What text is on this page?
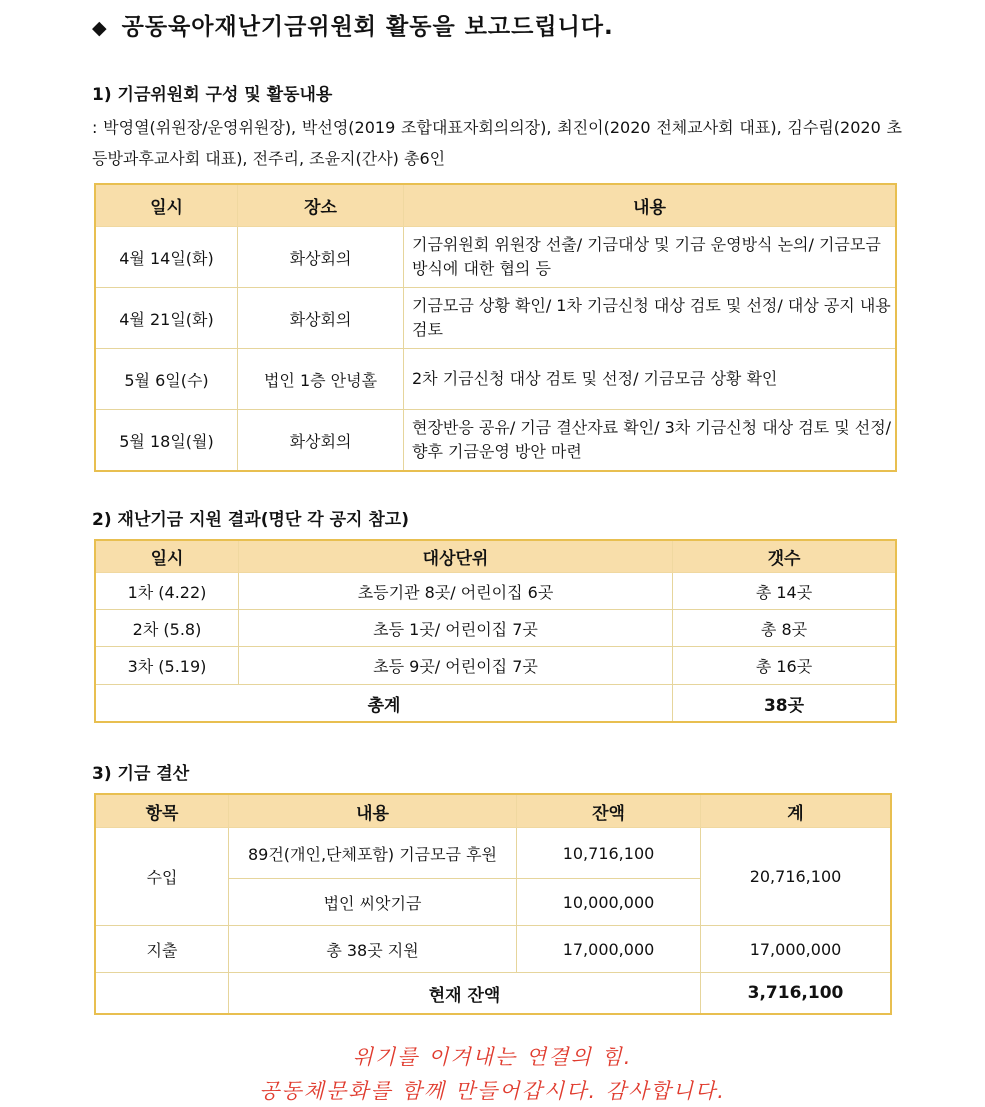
◆ 공동육아재난기금위원회 활동을 보고드립니다.
1) 기금위원회 구성 및 활동내용
: 박영열(위원장/운영위원장), 박선영(2019 조합대표자회의의장), 최진이(2020 전체교사회 대표), 김수림(2020 초등방과후교사회 대표), 전주리, 조윤지(간사) 총6인
일시	장소	내용
4월 14일(화)	화상회의	기금위원회 위원장 선출/ 기금대상 및 기금 운영방식 논의/ 기금모금방식에 대한 협의 등
4월 21일(화)	화상회의	기금모금 상황 확인/ 1차 기금신청 대상 검토 및 선정/ 대상 공지 내용 검토
5월 6일(수)	법인 1층 안녕홀	2차 기금신청 대상 검토 및 선정/ 기금모금 상황 확인
5월 18일(월)	화상회의	현장반응 공유/ 기금 결산자료 확인/ 3차 기금신청 대상 검토 및 선정/ 향후 기금운영 방안 마련
2) 재난기금 지원 결과(명단 각 공지 참고)
일시	대상단위	갯수
1차 (4.22)	초등기관 8곳/ 어린이집 6곳	총 14곳
2차 (5.8)	초등 1곳/ 어린이집 7곳	총 8곳
3차 (5.19)	초등 9곳/ 어린이집 7곳	총 16곳
총계		38곳
3) 기금 결산
항목	내용	잔액	계
수입	89건(개인,단체포함) 기금모금 후원	10,716,100	20,716,100
	법인 씨앗기금	10,000,000	
지출	총 38곳 지원	17,000,000	17,000,000
	현재 잔액		3,716,100
위기를 이겨내는 연결의 힘.
공동체문화를 함께 만들어갑시다. 감사합니다.
